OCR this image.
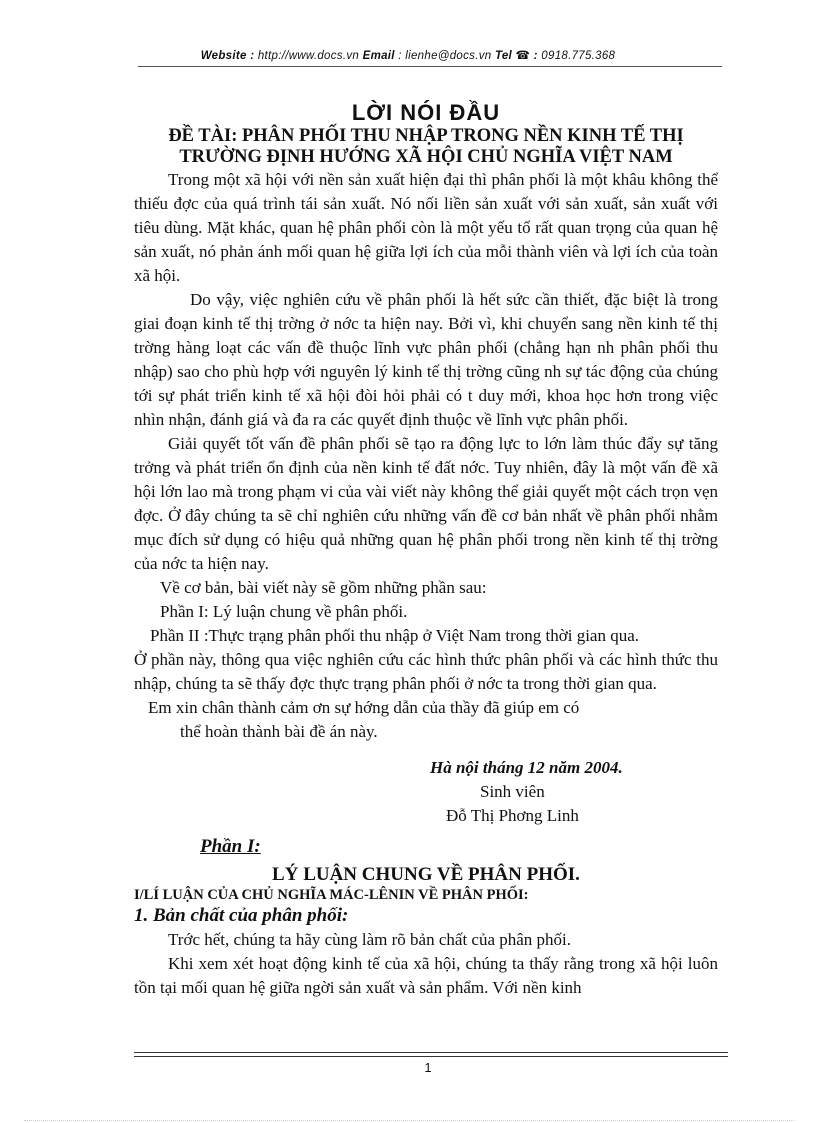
Website : http://www.docs.vn Email : lienhe@docs.vn Tel ☎ : 0918.775.368
LỜI NÓI ĐẦU
ĐỀ TÀI: PHÂN PHỐI THU NHẬP TRONG NỀN KINH TẾ THỊ
TRƯỜNG ĐỊNH HƯỚNG XÃ HỘI CHỦ NGHĨA VIỆT NAM

Trong một xã hội với nền sản xuất hiện đại thì phân phối là một khâu không thể thiếu đợc của quá trình tái sản xuất. Nó nối liền sản xuất với sản xuất, sản xuất với tiêu dùng. Mặt khác, quan hệ phân phối còn là một yếu tố rất quan trọng của quan hệ sản xuất, nó phản ánh mối quan hệ giữa lợi ích của mỗi thành viên và lợi ích của toàn xã hội.

Do vậy, việc nghiên cứu về phân phối là hết sức cần thiết, đặc biệt là trong giai đoạn kinh tế thị trờng ở nớc ta hiện nay. Bởi vì, khi chuyển sang nền kinh tế thị trờng hàng loạt các vấn đề thuộc lĩnh vực phân phối (chẳng hạn nh phân phối thu nhập) sao cho phù hợp với nguyên lý kinh tế thị trờng cũng nh sự tác động của chúng tới sự phát triển kinh tế xã hội đòi hỏi phải có t duy mới, khoa học hơn trong việc nhìn nhận, đánh giá và đa ra các quyết định thuộc về lĩnh vực phân phối.

Giải quyết tốt vấn đề phân phối sẽ tạo ra động lực to lớn làm thúc đẩy sự tăng trởng và phát triển ổn định của nền kinh tế đất nớc. Tuy nhiên, đây là một vấn đề xã hội lớn lao mà trong phạm vi của vài viết này không thể giải quyết một cách trọn vẹn đợc. Ở đây chúng ta sẽ chỉ nghiên cứu những vấn đề cơ bản nhất về phân phối nhằm mục đích sử dụng có hiệu quả những quan hệ phân phối trong nền kinh tế thị trờng của nớc ta hiện nay.

Về cơ bản, bài viết này sẽ gồm những phần sau:

Phần I: Lý luận chung về phân phối.

Phần II :Thực trạng phân phối thu nhập ở Việt Nam trong thời gian qua.

Ở phần này, thông qua việc nghiên cứu các hình thức phân phối và các hình thức thu nhập, chúng ta sẽ thấy đợc thực trạng phân phối ở nớc ta trong thời gian qua.

Em xin chân thành cảm ơn sự hớng dẫn của thầy đã giúp em có

thể hoàn thành bài đề án này.

Hà nội tháng 12 năm 2004.
Sinh viên
Đỗ Thị Phơng Linh
Phần I:
LÝ LUẬN CHUNG VỀ PHÂN PHỐI.
I/LÍ LUẬN CỦA CHỦ NGHĨA MÁC-LÊNIN VỀ PHÂN PHỐI:
1. Bản chất của phân phối:

Trớc hết, chúng ta hãy cùng làm rõ bản chất của phân phối.

Khi xem xét hoạt động kinh tế của xã hội, chúng ta thấy rằng trong xã hội luôn tồn tại mối quan hệ giữa ngời sản xuất và sản phẩm. Với nền kinh

1
